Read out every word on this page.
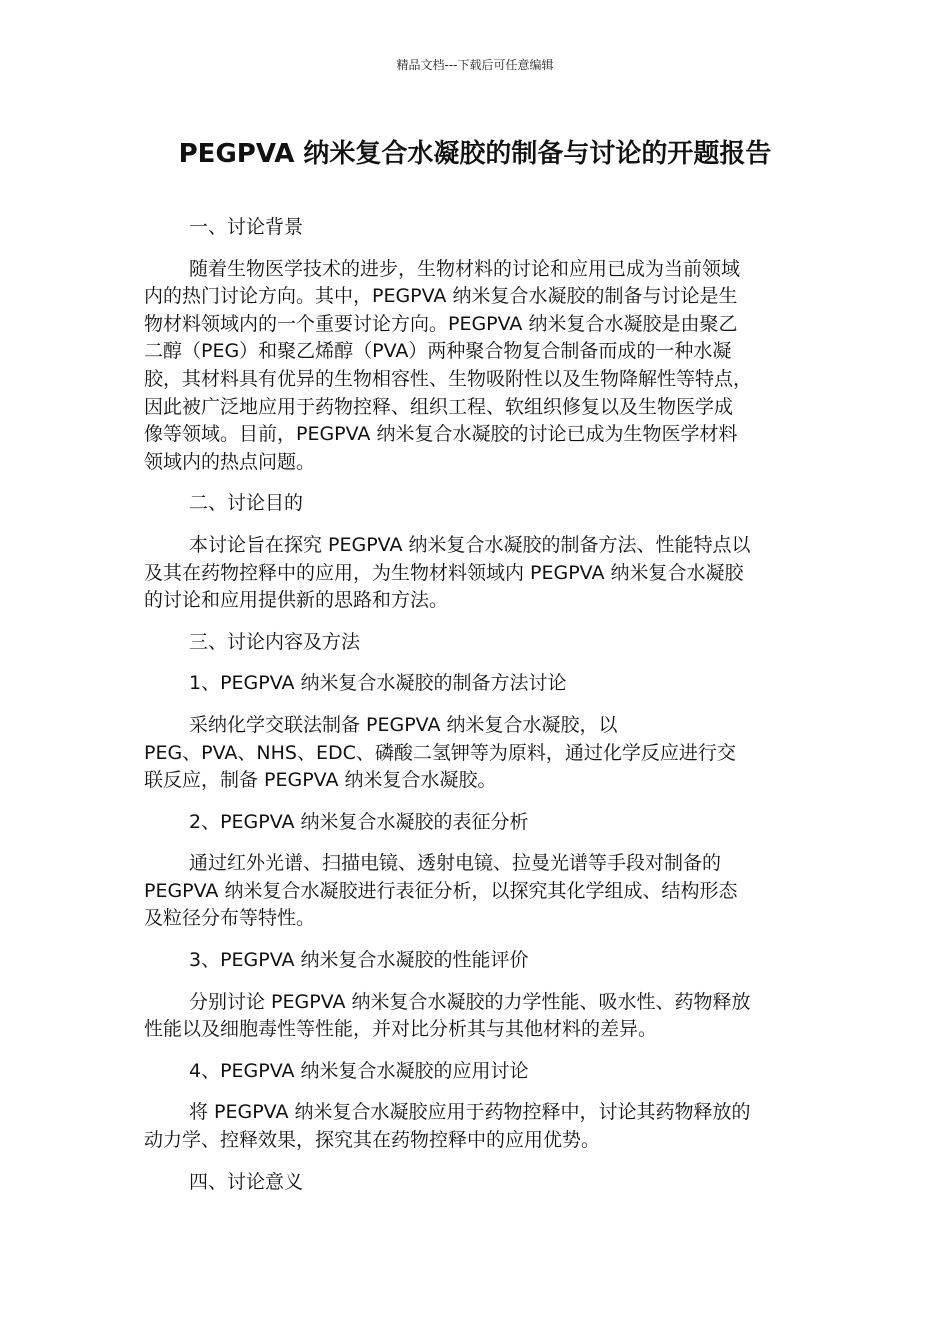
精品文档---下载后可任意编辑
PEGPVA 纳米复合水凝胶的制备与讨论的开题报告
一、讨论背景
随着生物医学技术的进步，生物材料的讨论和应用已成为当前领域
内的热门讨论方向。其中，PEGPVA 纳米复合水凝胶的制备与讨论是生
物材料领域内的一个重要讨论方向。PEGPVA 纳米复合水凝胶是由聚乙
二醇（PEG）和聚乙烯醇（PVA）两种聚合物复合制备而成的一种水凝
胶，其材料具有优异的生物相容性、生物吸附性以及生物降解性等特点，
因此被广泛地应用于药物控释、组织工程、软组织修复以及生物医学成
像等领域。目前，PEGPVA 纳米复合水凝胶的讨论已成为生物医学材料
领域内的热点问题。
二、讨论目的
本讨论旨在探究 PEGPVA 纳米复合水凝胶的制备方法、性能特点以
及其在药物控释中的应用，为生物材料领域内 PEGPVA 纳米复合水凝胶
的讨论和应用提供新的思路和方法。
三、讨论内容及方法
1、PEGPVA 纳米复合水凝胶的制备方法讨论
采纳化学交联法制备 PEGPVA 纳米复合水凝胶，以
PEG、PVA、NHS、EDC、磷酸二氢钾等为原料，通过化学反应进行交
联反应，制备 PEGPVA 纳米复合水凝胶。
2、PEGPVA 纳米复合水凝胶的表征分析
通过红外光谱、扫描电镜、透射电镜、拉曼光谱等手段对制备的
PEGPVA 纳米复合水凝胶进行表征分析，以探究其化学组成、结构形态
及粒径分布等特性。
3、PEGPVA 纳米复合水凝胶的性能评价
分别讨论 PEGPVA 纳米复合水凝胶的力学性能、吸水性、药物释放
性能以及细胞毒性等性能，并对比分析其与其他材料的差异。
4、PEGPVA 纳米复合水凝胶的应用讨论
将 PEGPVA 纳米复合水凝胶应用于药物控释中，讨论其药物释放的
动力学、控释效果，探究其在药物控释中的应用优势。
四、讨论意义
